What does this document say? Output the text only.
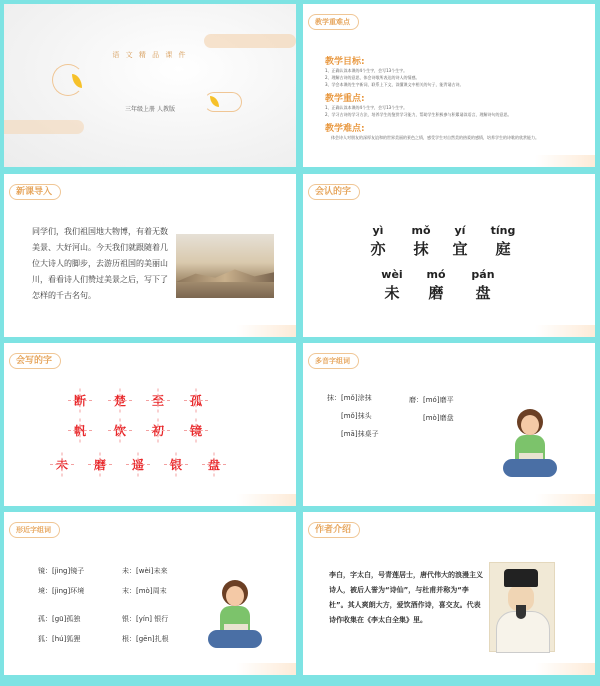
语 文 精 品 课 件
三年级上册 人教版
教学重难点
教学目标:
1、正确认读本课的4个生字，会写13个生字。
2、理解古诗的意思，体会诗歌所表达的诗人的情感。
3、学会本课的生字新词，联系上下文，读懂课文中相关的句子，能背诵古诗。
教学重点:
1、正确认读本课的4个生字，会写13个生字。
2、学习古诗的学习方法，培养学生的鉴赏学习能力，帮助学生积极参与积累诵读语言，理解诗句的意思。
教学难点:
体会诗人对朋友的深厚友谊和的世界美丽的景色之情，感受学生对自然美的热爱的感情，培养学生的诗歌的欣赏能力。
新课导入
同学们，我们祖国地大物博，有着无数美景、大好河山。今天我们就跟随着几位大诗人的脚步，去游历祖国的美丽山川，看看诗人们赞过美景之后，写下了怎样的千古名句。
会认的字
yì	mǒ	yí	tíng
亦	抹	宜	庭
wèi	mó	pán
未	磨	盘
会写的字
断	楚	至	孤
帆	饮	初	镜
未	磨	遥	银	盘
多音字组词
抹：[mǒ]涂抹
[mǒ]抹头
[mā]抹桌子
磨：[mó]磨平
[mò]磨盘
形近字组词
镜：[jìng]镜子	未：[wèi]未来
境：[jìng]环境	末：[mò]周末
孤：[gū]孤独	银：[yín] 银行
狐：[hú]狐狸	根：[gēn]扎根
作者介绍
李白，字太白，号青莲居士，唐代伟大的浪漫主义诗人，被后人誉为“诗仙”，与杜甫并称为“李杜”。其人爽朗大方，爱饮酒作诗，喜交友。代表诗作收集在《李太白全集》里。
